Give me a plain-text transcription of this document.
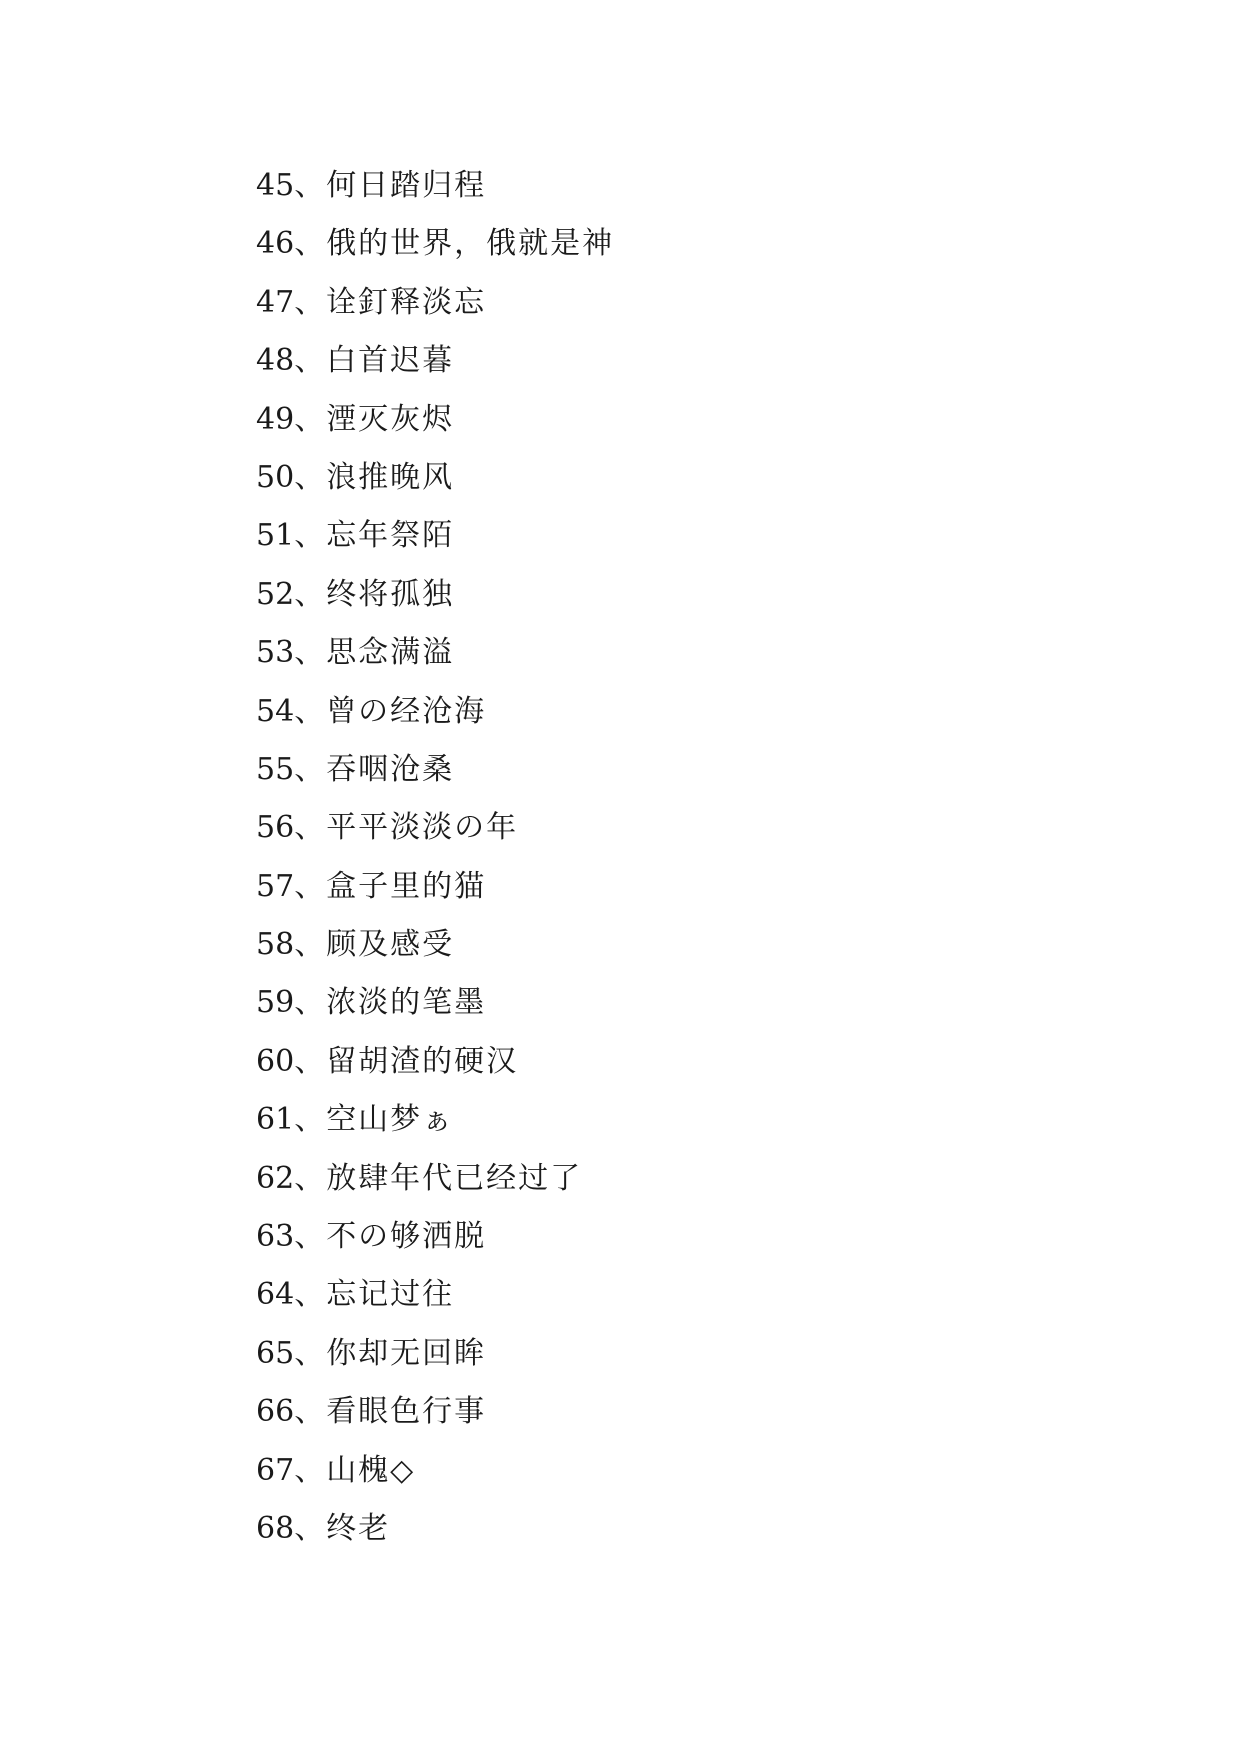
45、何日踏归程
46、俄的世界，俄就是神
47、诠釘释淡忘
48、白首迟暮
49、湮灭灰烬
50、浪推晚风
51、忘年祭陌
52、终将孤独
53、思念满溢
54、曾の经沧海
55、吞咽沧桑
56、平平淡淡の年
57、盒子里的猫
58、顾及感受
59、浓淡的笔墨
60、留胡渣的硬汉
61、空山梦ぁ
62、放肆年代已经过了
63、不の够洒脱
64、忘记过往
65、你却无回眸
66、看眼色行事
67、山槐◇
68、终老
